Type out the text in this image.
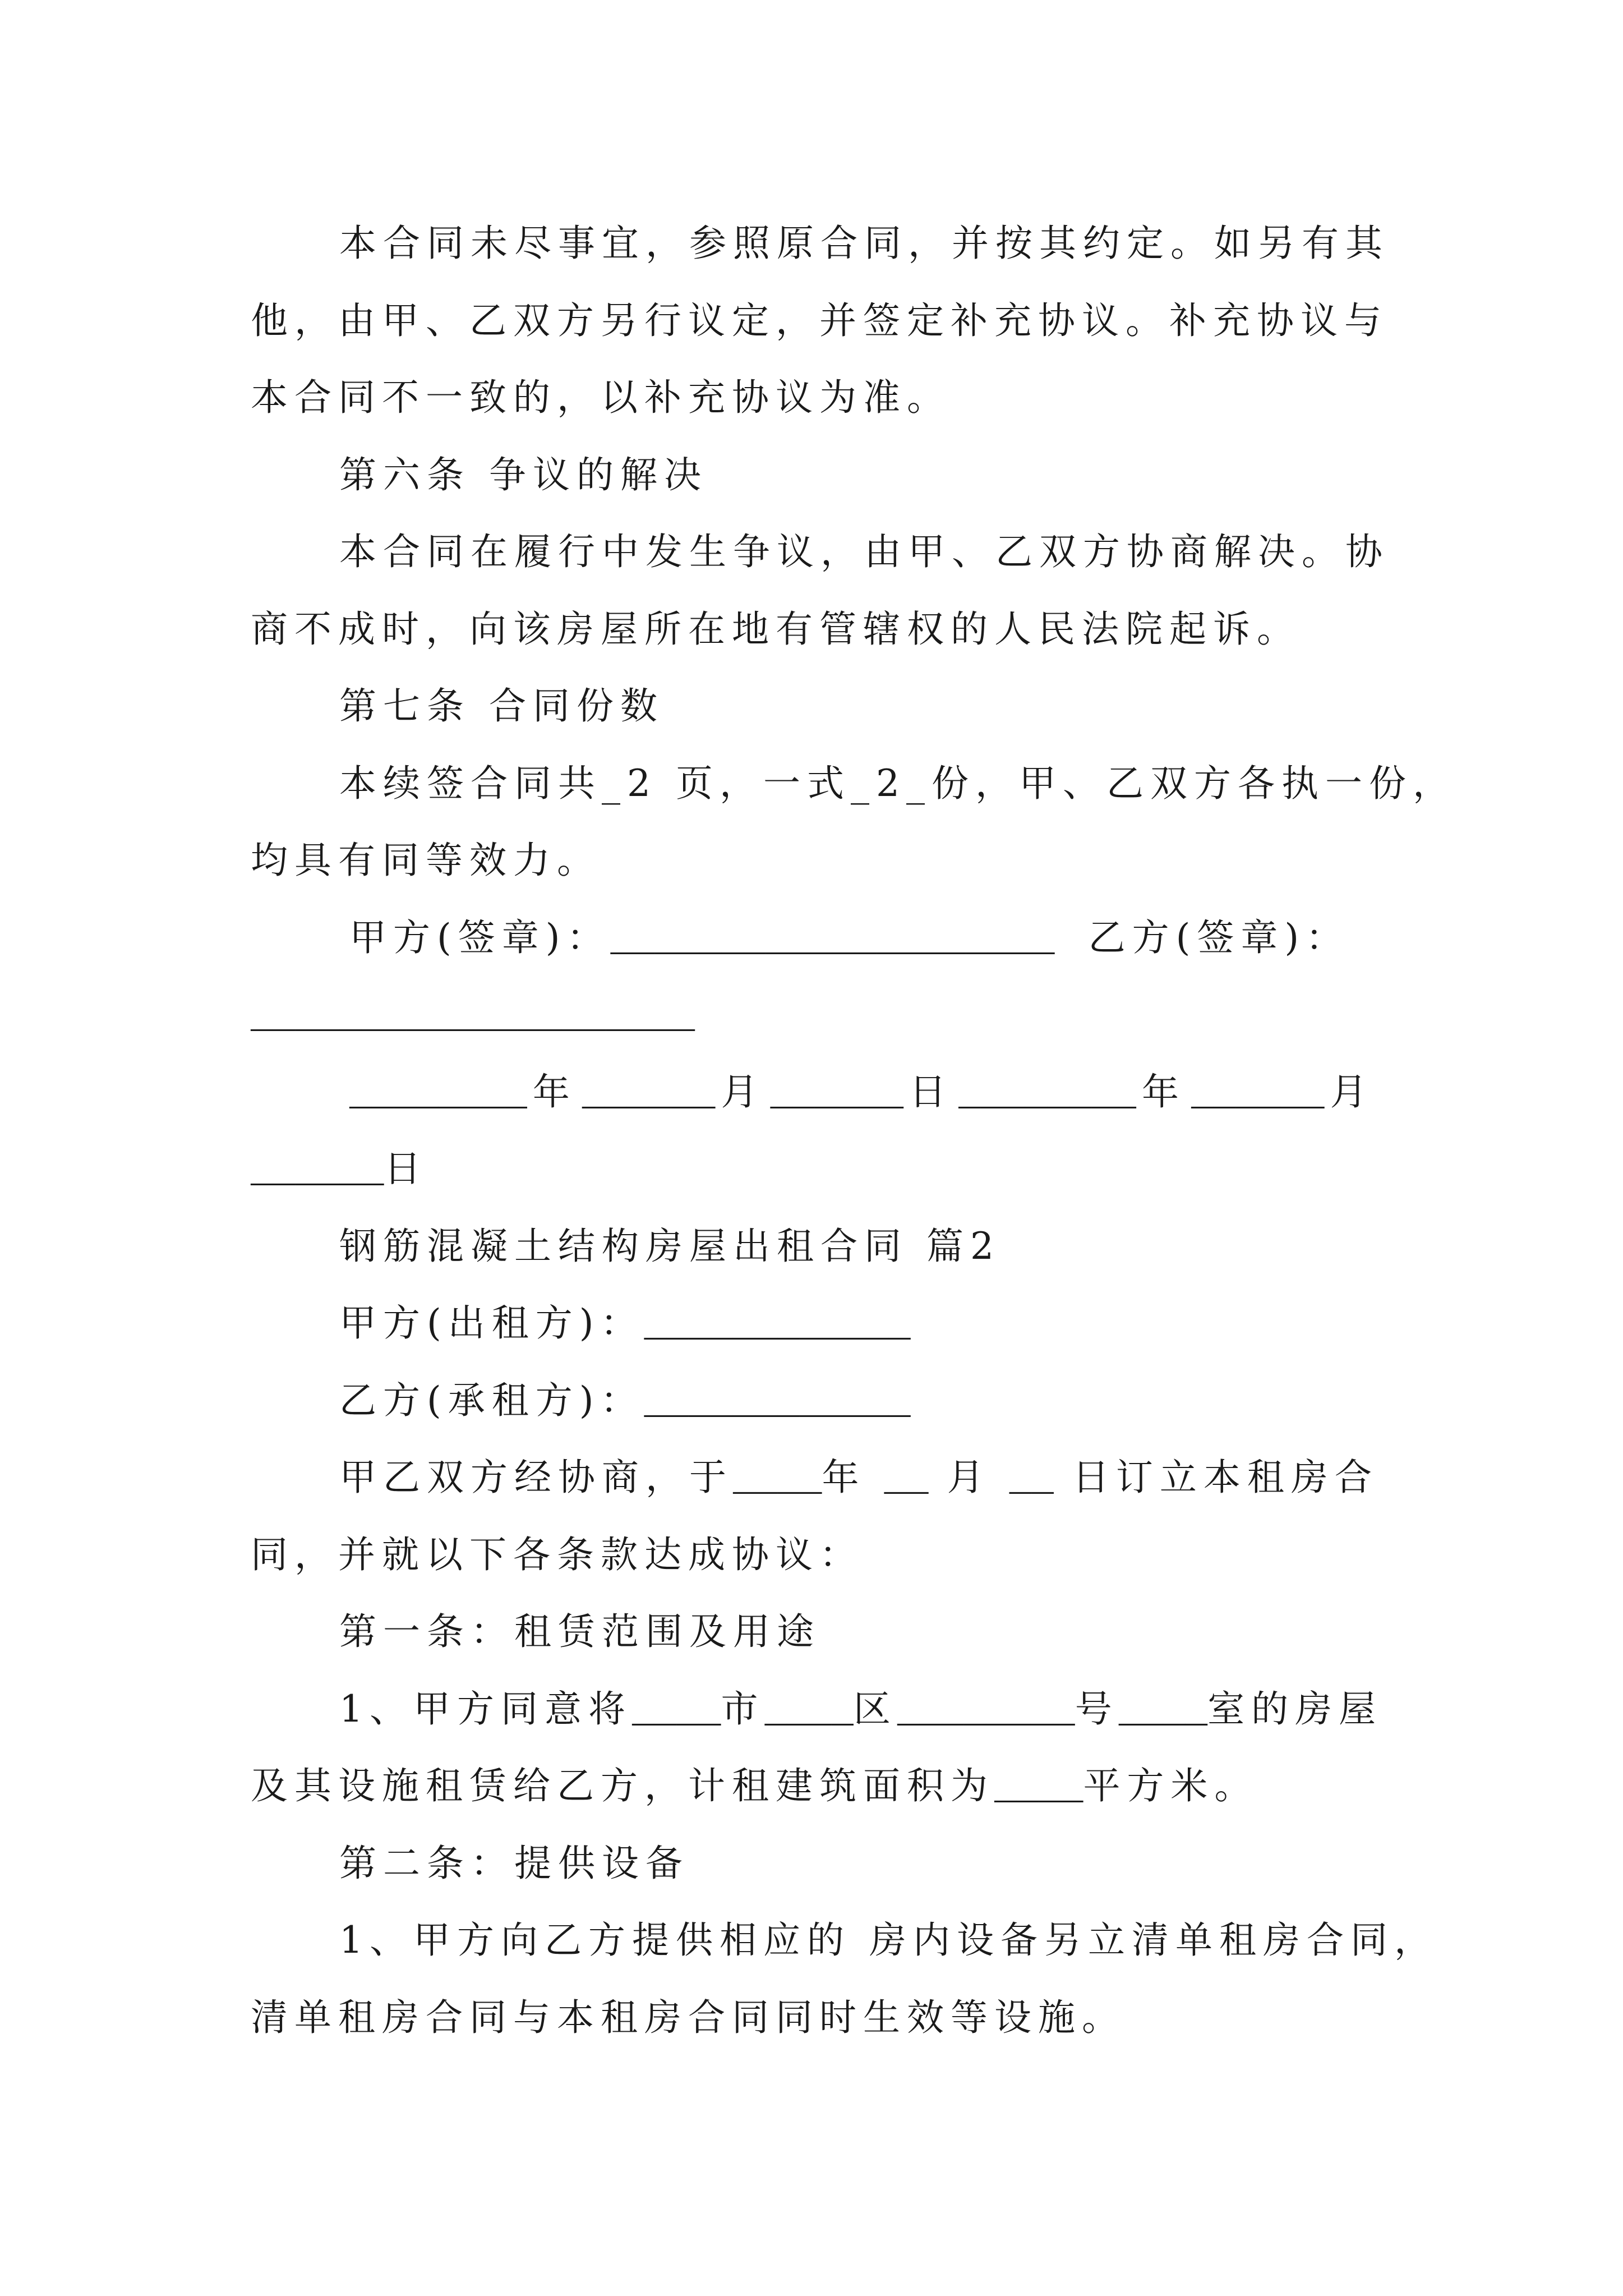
本合同未尽事宜，参照原合同，并按其约定。如另有其
他，由甲、乙双方另行议定，并签定补充协议。补充协议与
本合同不一致的，以补充协议为准。
第六条 争议的解决
本合同在履行中发生争议，由甲、乙双方协商解决。协
商不成时，向该房屋所在地有管辖权的人民法院起诉。
第七条 合同份数
本续签合同共_2 页，一式_2_份，甲、乙双方各执一份，
均具有同等效力。
甲方(签章)：____________________ 乙方(签章)：
____________________
________ 年 ______ 月 ______ 日 ________ 年 ______ 月
______日
钢筋混凝土结构房屋出租合同 篇2
甲方(出租方)：____________
乙方(承租方)：____________
甲乙双方经协商，于____年 __ 月 __ 日订立本租房合
同，并就以下各条款达成协议：
第一条：租赁范围及用途
1、甲方同意将____市____区________号____室的房屋
及其设施租赁给乙方，计租建筑面积为____平方米。
第二条：提供设备
1、甲方向乙方提供相应的 房内设备另立清单租房合同，
清单租房合同与本租房合同同时生效等设施。
